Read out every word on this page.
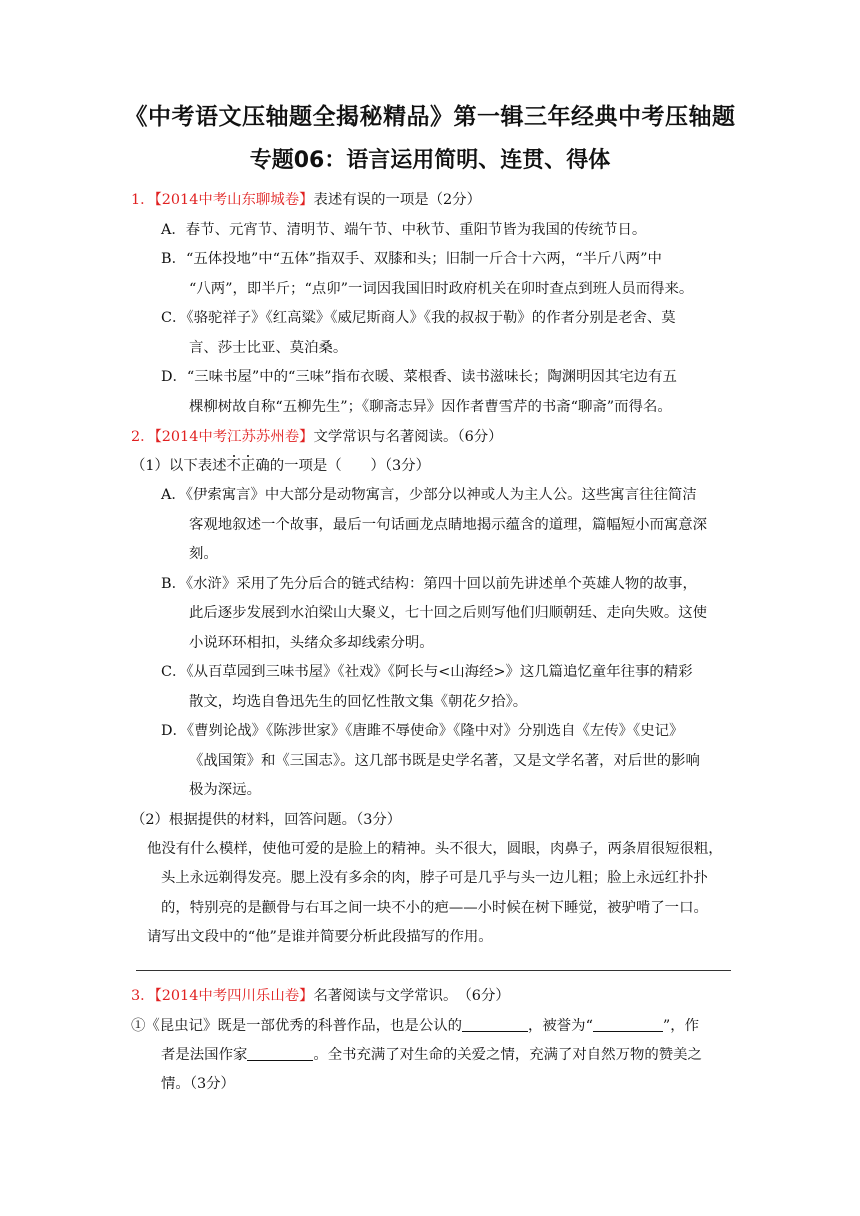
《中考语文压轴题全揭秘精品》第一辑三年经典中考压轴题
专题06：语言运用简明、连贯、得体
1．【2014中考山东聊城卷】表述有误的一项是（2分）
A．春节、元宵节、清明节、端午节、中秋节、重阳节皆为我国的传统节日。
B．“五体投地”中“五体”指双手、双膝和头；旧制一斤合十六两，“半斤八两”中
“八两”，即半斤；“点卯”一词因我国旧时政府机关在卯时查点到班人员而得来。
C．《骆驼祥子》《红高粱》《威尼斯商人》《我的叔叔于勒》的作者分别是老舍、莫
言、莎士比亚、莫泊桑。
D．“三味书屋”中的“三味”指布衣暖、菜根香、读书滋味长；陶渊明因其宅边有五
棵柳树故自称“五柳先生”；《聊斋志异》因作者曹雪芹的书斋“聊斋”而得名。
2．【2014中考江苏苏州卷】文学常识与名著阅读。（6分）
（1）以下表述不正确的一项是（　　）（3分）
A．《伊索寓言》中大部分是动物寓言，少部分以神或人为主人公。这些寓言往往简洁
客观地叙述一个故事，最后一句话画龙点睛地揭示蕴含的道理，篇幅短小而寓意深
刻。
B．《水浒》采用了先分后合的链式结构：第四十回以前先讲述单个英雄人物的故事，
此后逐步发展到水泊梁山大聚义，七十回之后则写他们归顺朝廷、走向失败。这使
小说环环相扣，头绪众多却线索分明。
C．《从百草园到三味书屋》《社戏》《阿长与<山海经>》这几篇追忆童年往事的精彩
散文，均选自鲁迅先生的回忆性散文集《朝花夕拾》。
D．《曹刿论战》《陈涉世家》《唐雎不辱使命》《隆中对》分别选自《左传》《史记》
《战国策》和《三国志》。这几部书既是史学名著，又是文学名著，对后世的影响
极为深远。
（2）根据提供的材料，回答问题。（3分）
他没有什么模样，使他可爱的是脸上的精神。头不很大，圆眼，肉鼻子，两条眉很短很粗，
头上永远剃得发亮。腮上没有多余的肉，脖子可是几乎与头一边儿粗；脸上永远红扑扑
的，特别亮的是颧骨与右耳之间一块不小的疤——小时候在树下睡觉，被驴啃了一口。
请写出文段中的“他”是谁并简要分析此段描写的作用。
3．【2014中考四川乐山卷】名著阅读与文学常识。　（6分）
①《昆虫记》既是一部优秀的科普作品，也是公认的	，被誉为“	”，作
者是法国作家	。全书充满了对生命的关爱之情，充满了对自然万物的赞美之
情。（3分）
